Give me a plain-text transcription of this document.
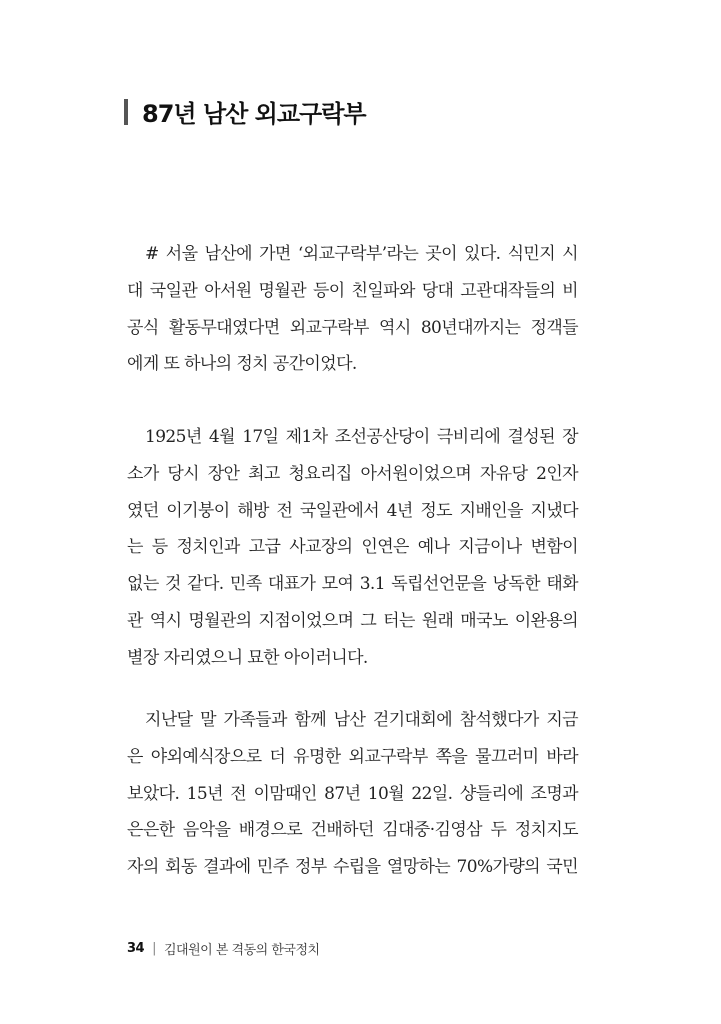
87년 남산 외교구락부
# 서울 남산에 가면 ‘외교구락부’라는 곳이 있다. 식민지 시
대 국일관 아서원 명월관 등이 친일파와 당대 고관대작들의 비
공식 활동무대였다면 외교구락부 역시 80년대까지는 정객들
에게 또 하나의 정치 공간이었다.
1925년 4월 17일 제1차 조선공산당이 극비리에 결성된 장
소가 당시 장안 최고 청요리집 아서원이었으며 자유당 2인자
였던 이기붕이 해방 전 국일관에서 4년 정도 지배인을 지냈다
는 등 정치인과 고급 사교장의 인연은 예나 지금이나 변함이
없는 것 같다. 민족 대표가 모여 3.1 독립선언문을 낭독한 태화
관 역시 명월관의 지점이었으며 그 터는 원래 매국노 이완용의
별장 자리였으니 묘한 아이러니다.
지난달 말 가족들과 함께 남산 걷기대회에 참석했다가 지금
은 야외예식장으로 더 유명한 외교구락부 쪽을 물끄러미 바라
보았다. 15년 전 이맘때인 87년 10월 22일. 샹들리에 조명과
은은한 음악을 배경으로 건배하던 김대중·김영삼 두 정치지도
자의 회동 결과에 민주 정부 수립을 열망하는 70%가량의 국민
34 | 김대원이 본 격동의 한국정치
